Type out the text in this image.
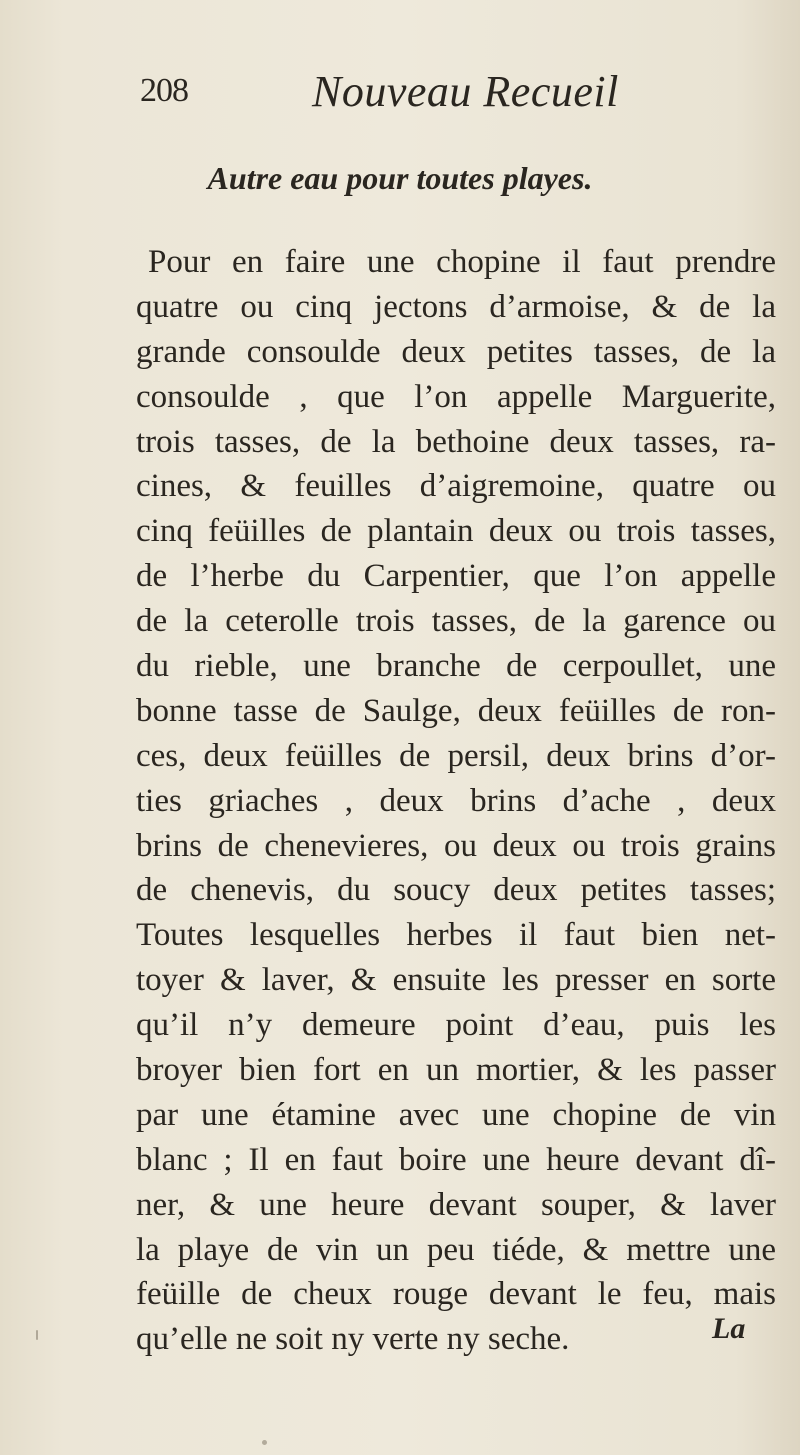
208	Nouveau Recueil
Autre eau pour toutes playes.
Pour en faire une chopine il faut prendre
quatre ou cinq jectons d’armoise, & de la
grande consoulde deux petites tasses, de la
consoulde , que l’on appelle Marguerite,
trois tasses, de la bethoine deux tasses, ra-
cines, & feuilles d’aigremoine, quatre ou
cinq feüilles de plantain deux ou trois tasses,
de l’herbe du Carpentier, que l’on appelle
de la ceterolle trois tasses, de la garence ou
du rieble, une branche de cerpoullet, une
bonne tasse de Saulge, deux feüilles de ron-
ces, deux feüilles de persil, deux brins d’or-
ties griaches , deux brins d’ache , deux
brins de chenevieres, ou deux ou trois grains
de chenevis, du soucy deux petites tasses;
Toutes lesquelles herbes il faut bien net-
toyer & laver, & ensuite les presser en sorte
qu’il n’y demeure point d’eau, puis les
broyer bien fort en un mortier, & les passer
par une étamine avec une chopine de vin
blanc ; Il en faut boire une heure devant dî-
ner, & une heure devant souper, & laver
la playe de vin un peu tiéde, & mettre une
feüille de cheux rouge devant le feu, mais
qu’elle ne soit ny verte ny seche.	La
